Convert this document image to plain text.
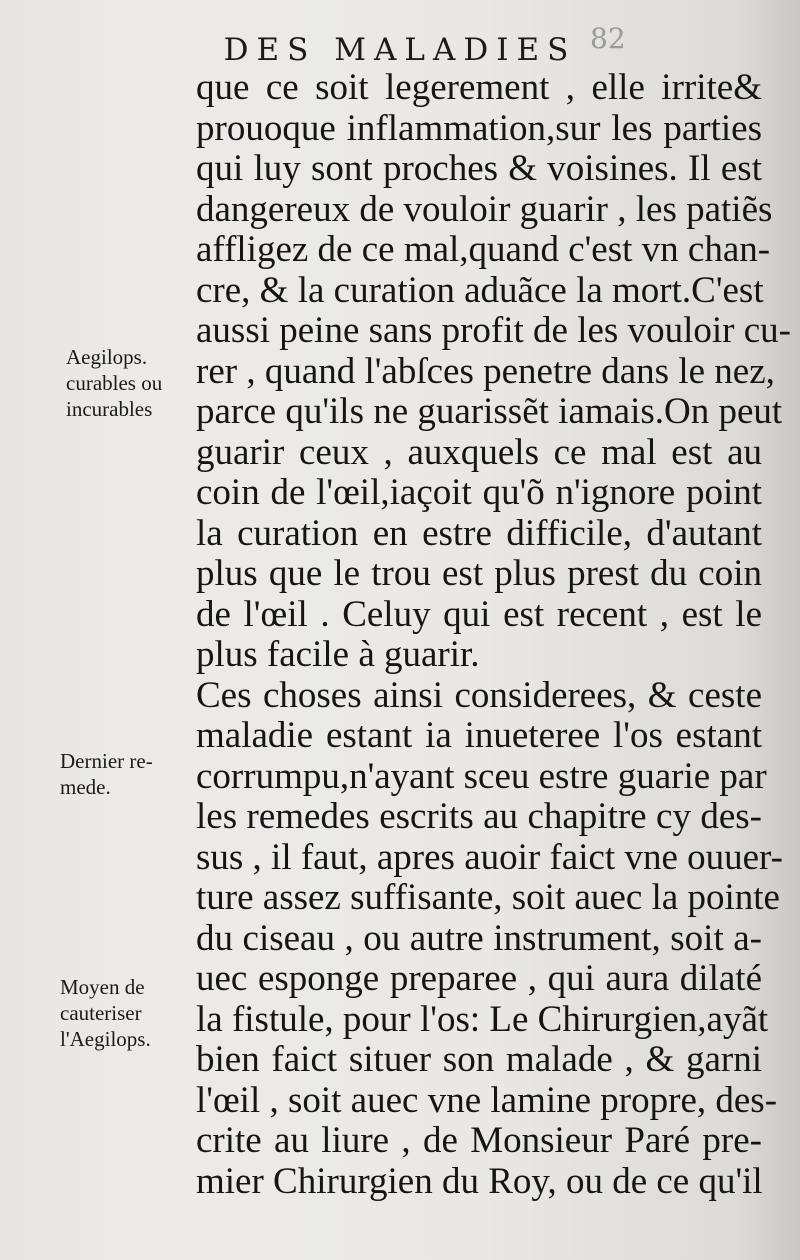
82
DES MALADIES
que ce soit legerement , elle irrite&
prouoque inflammation,sur les parties
qui luy sont proches & voisines. Il est
dangereux de vouloir guarir , les patiẽs
affligez de ce mal,quand c'est vn chan-
cre, & la curation aduãce la mort.C'est
aussi peine sans profit de les vouloir cu-
rer , quand l'abſces penetre dans le nez,
parce qu'ils ne guarissẽt iamais.On peut
guarir ceux , auxquels ce mal est au
coin de l'œil,iaçoit qu'õ n'ignore point
la curation en estre difficile, d'autant
plus que le trou est plus prest du coin
de l'œil . Celuy qui est recent , est le
plus facile à guarir.
Ces choses ainsi considerees, & ceste
maladie estant ia inueteree l'os estant
corrumpu,n'ayant sceu estre guarie par
les remedes escrits au chapitre cy des-
sus , il faut, apres auoir faict vne ouuer-
ture assez suffisante, soit auec la pointe
du ciseau , ou autre instrument, soit a-
uec esponge preparee , qui aura dilaté
la fistule, pour l'os: Le Chirurgien,ayãt
bien faict situer son malade , & garni
l'œil , soit auec vne lamine propre, des-
crite au liure , de Monsieur Paré pre-
mier Chirurgien du Roy, ou de ce qu'il
Aegilops.
curables ou
incurables
Dernier re-
mede.
Moyen de
cauteriser
l'Aegilops.
